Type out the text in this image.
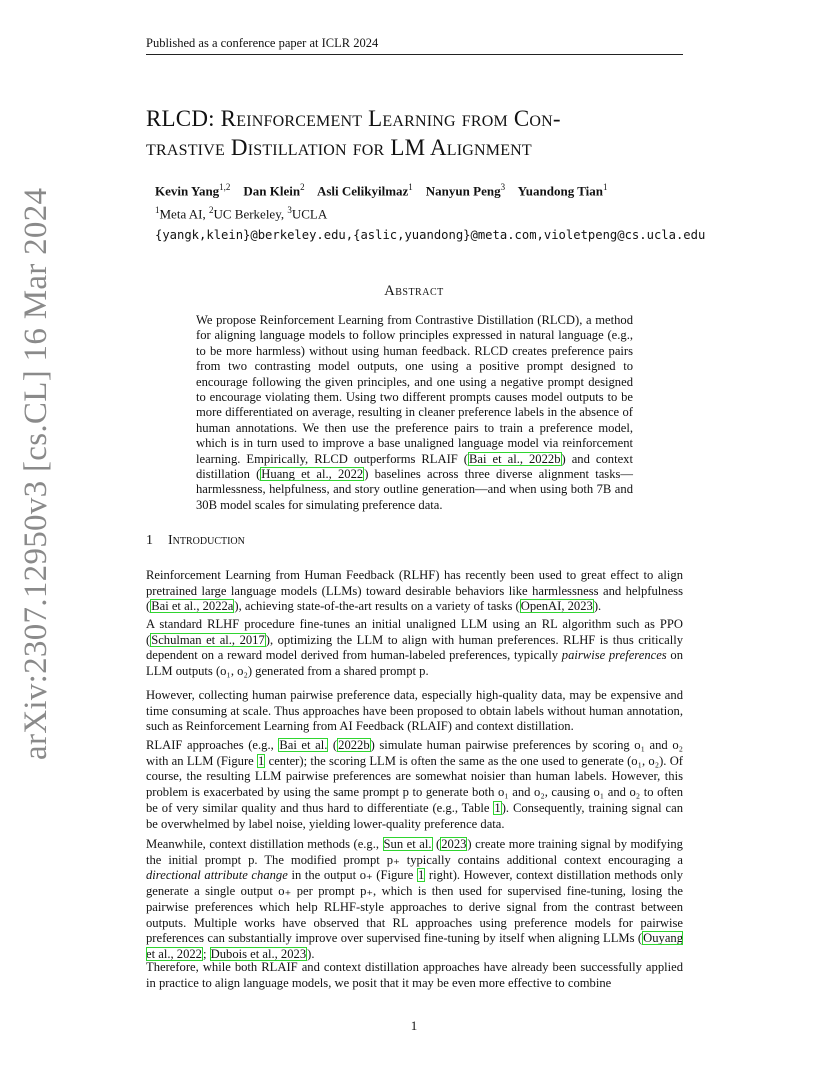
Published as a conference paper at ICLR 2024
RLCD: Reinforcement Learning from Con-
trastive Distillation for LM Alignment
Kevin Yang$^{1,2}$ Dan Klein$^2$ Asli Celikyilmaz$^1$ Nanyun Peng$^3$ Yuandong Tian$^1$
$^1$Meta AI, $^2$UC Berkeley, $^3$UCLA
{yangk,klein}@berkeley.edu,{aslic,yuandong}@meta.com,violetpeng@cs.ucla.edu
Abstract
We propose Reinforcement Learning from Contrastive Distillation (RLCD), a method for aligning language models to follow principles expressed in natural language (e.g., to be more harmless) without using human feedback. RLCD creates preference pairs from two contrasting model outputs, one using a positive prompt designed to encourage following the given principles, and one using a negative prompt designed to encourage violating them. Using two different prompts causes model outputs to be more differentiated on average, resulting in cleaner preference labels in the absence of human annotations. We then use the preference pairs to train a preference model, which is in turn used to improve a base unaligned language model via reinforcement learning. Empirically, RLCD outperforms RLAIF (Bai et al., 2022b) and context distillation (Huang et al., 2022) baselines across three diverse alignment tasks—harmlessness, helpfulness, and story outline generation—and when using both 7B and 30B model scales for simulating preference data.
1 Introduction
Reinforcement Learning from Human Feedback (RLHF) has recently been used to great effect to align pretrained large language models (LLMs) toward desirable behaviors like harmlessness and helpfulness (Bai et al., 2022a), achieving state-of-the-art results on a variety of tasks (OpenAI, 2023).
A standard RLHF procedure fine-tunes an initial unaligned LLM using an RL algorithm such as PPO (Schulman et al., 2017), optimizing the LLM to align with human preferences. RLHF is thus critically dependent on a reward model derived from human-labeled preferences, typically pairwise preferences on LLM outputs (o₁, o₂) generated from a shared prompt p.
However, collecting human pairwise preference data, especially high-quality data, may be expensive and time consuming at scale. Thus approaches have been proposed to obtain labels without human annotation, such as Reinforcement Learning from AI Feedback (RLAIF) and context distillation.
RLAIF approaches (e.g., Bai et al. (2022b) simulate human pairwise preferences by scoring o₁ and o₂ with an LLM (Figure 1 center); the scoring LLM is often the same as the one used to generate (o₁, o₂). Of course, the resulting LLM pairwise preferences are somewhat noisier than human labels. However, this problem is exacerbated by using the same prompt p to generate both o₁ and o₂, causing o₁ and o₂ to often be of very similar quality and thus hard to differentiate (e.g., Table 1). Consequently, training signal can be overwhelmed by label noise, yielding lower-quality preference data.
Meanwhile, context distillation methods (e.g., Sun et al. (2023) create more training signal by modifying the initial prompt p. The modified prompt p₊ typically contains additional context encouraging a directional attribute change in the output o₊ (Figure 1 right). However, context distillation methods only generate a single output o₊ per prompt p₊, which is then used for supervised fine-tuning, losing the pairwise preferences which help RLHF-style approaches to derive signal from the contrast between outputs. Multiple works have observed that RL approaches using preference models for pairwise preferences can substantially improve over supervised fine-tuning by itself when aligning LLMs (Ouyang et al., 2022; Dubois et al., 2023).
Therefore, while both RLAIF and context distillation approaches have already been successfully applied in practice to align language models, we posit that it may be even more effective to combine
1
arXiv:2307.12950v3 [cs.CL] 16 Mar 2024
